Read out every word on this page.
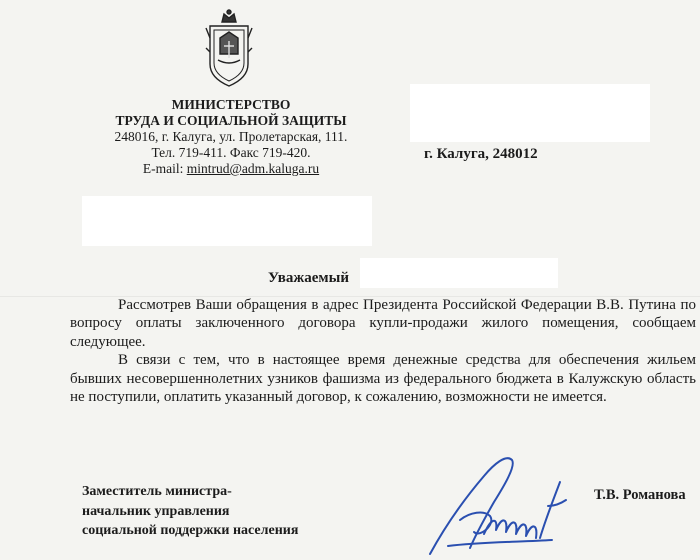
МИНИСТЕРСТВО
ТРУДА И СОЦИАЛЬНОЙ ЗАЩИТЫ
248016, г. Калуга, ул. Пролетарская, 111.
Тел. 719-411. Факс 719-420.
E-mail: mintrud@adm.kaluga.ru
г. Калуга, 248012
Уважаемый

Рассмотрев Ваши обращения в адрес Президента Российской Федерации В.В. Путина по вопросу оплаты заключенного договора купли-продажи жилого помещения, сообщаем следующее.

В связи с тем, что в настоящее время денежные средства для обеспечения жильем бывших несовершеннолетних узников фашизма из федерального бюджета в Калужскую область не поступили, оплатить указанный договор, к сожалению, возможности не имеется.

Заместитель министра-
начальник управления
социальной поддержки населения
Т.В. Романова
